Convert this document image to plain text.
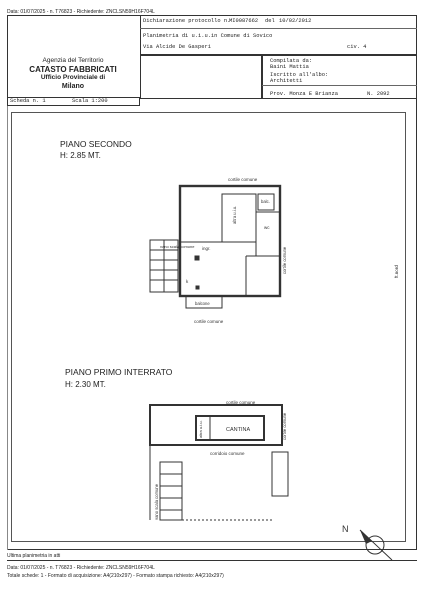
Data: 01/07/2025 - n. T76823 - Richiedente: ZNCLSN59H16F704L
Agenzia del Territorio
CATASTO FABBRICATI
Ufficio Provinciale di
Milano
Dichiarazione protocollo n.
MI0087662 del 10/02/2012
Planimetria di u.i.u.in Comune di Sovico
Via Alcide De Gasperi	civ. 4
Compilata da:
Baini Mattia
Iscritto all'albo:
Architetti
Prov. Monza E Brianza	N. 2092
Scheda n. 1	Scala 1:200
PIANO SECONDO
H: 2.85 MT.
PIANO PRIMO INTERRATO
H: 2.30 MT.
ft.nord
cortile comune
altra u.i.u.
balc.
wc
cortile comune
vano scala comune ingr.
k
balcone
cortile comune
cortile comune
CANTINA
altra u.i.u.
corridoio comune
vano scala comune
cortile comune
N
Ultima planimetria in atti
Data: 01/07/2025 - n. T76823 - Richiedente: ZNCLSN59H16F704L
Totale schede: 1 - Formato di acquisizione: A4(210x297) - Formato stampa richiesto: A4(210x297)
